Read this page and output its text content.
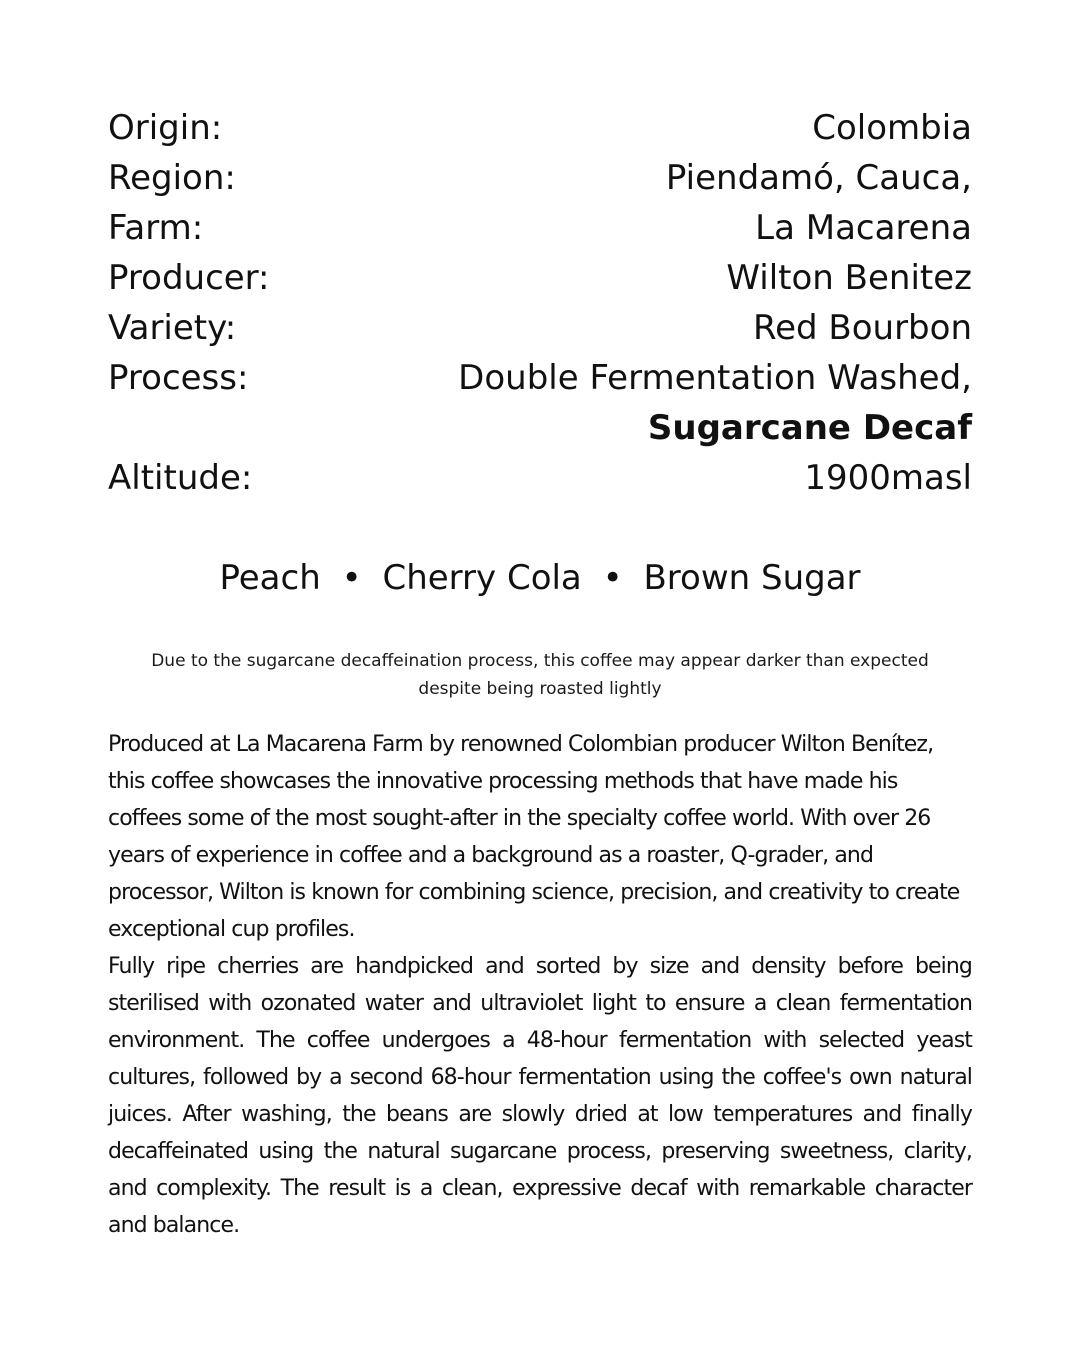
Origin:	Colombia
Region:	Piendamó, Cauca,
Farm:	La Macarena
Producer:	Wilton Benitez
Variety:	Red Bourbon
Process:	Double Fermentation Washed,
Sugarcane Decaf
Altitude:	1900masl
Peach • Cherry Cola • Brown Sugar
Due to the sugarcane decaffeination process, this coffee may appear darker than expected despite being roasted lightly

Produced at La Macarena Farm by renowned Colombian producer Wilton Benítez, this coffee showcases the innovative processing methods that have made his coffees some of the most sought-after in the specialty coffee world. With over 26 years of experience in coffee and a background as a roaster, Q-grader, and processor, Wilton is known for combining science, precision, and creativity to create exceptional cup profiles.

Fully ripe cherries are handpicked and sorted by size and density before being sterilised with ozonated water and ultraviolet light to ensure a clean fermentation environment. The coffee undergoes a 48-hour fermentation with selected yeast cultures, followed by a second 68-hour fermentation using the coffee's own natural juices. After washing, the beans are slowly dried at low temperatures and finally decaffeinated using the natural sugarcane process, preserving sweetness, clarity, and complexity. The result is a clean, expressive decaf with remarkable character and balance.
